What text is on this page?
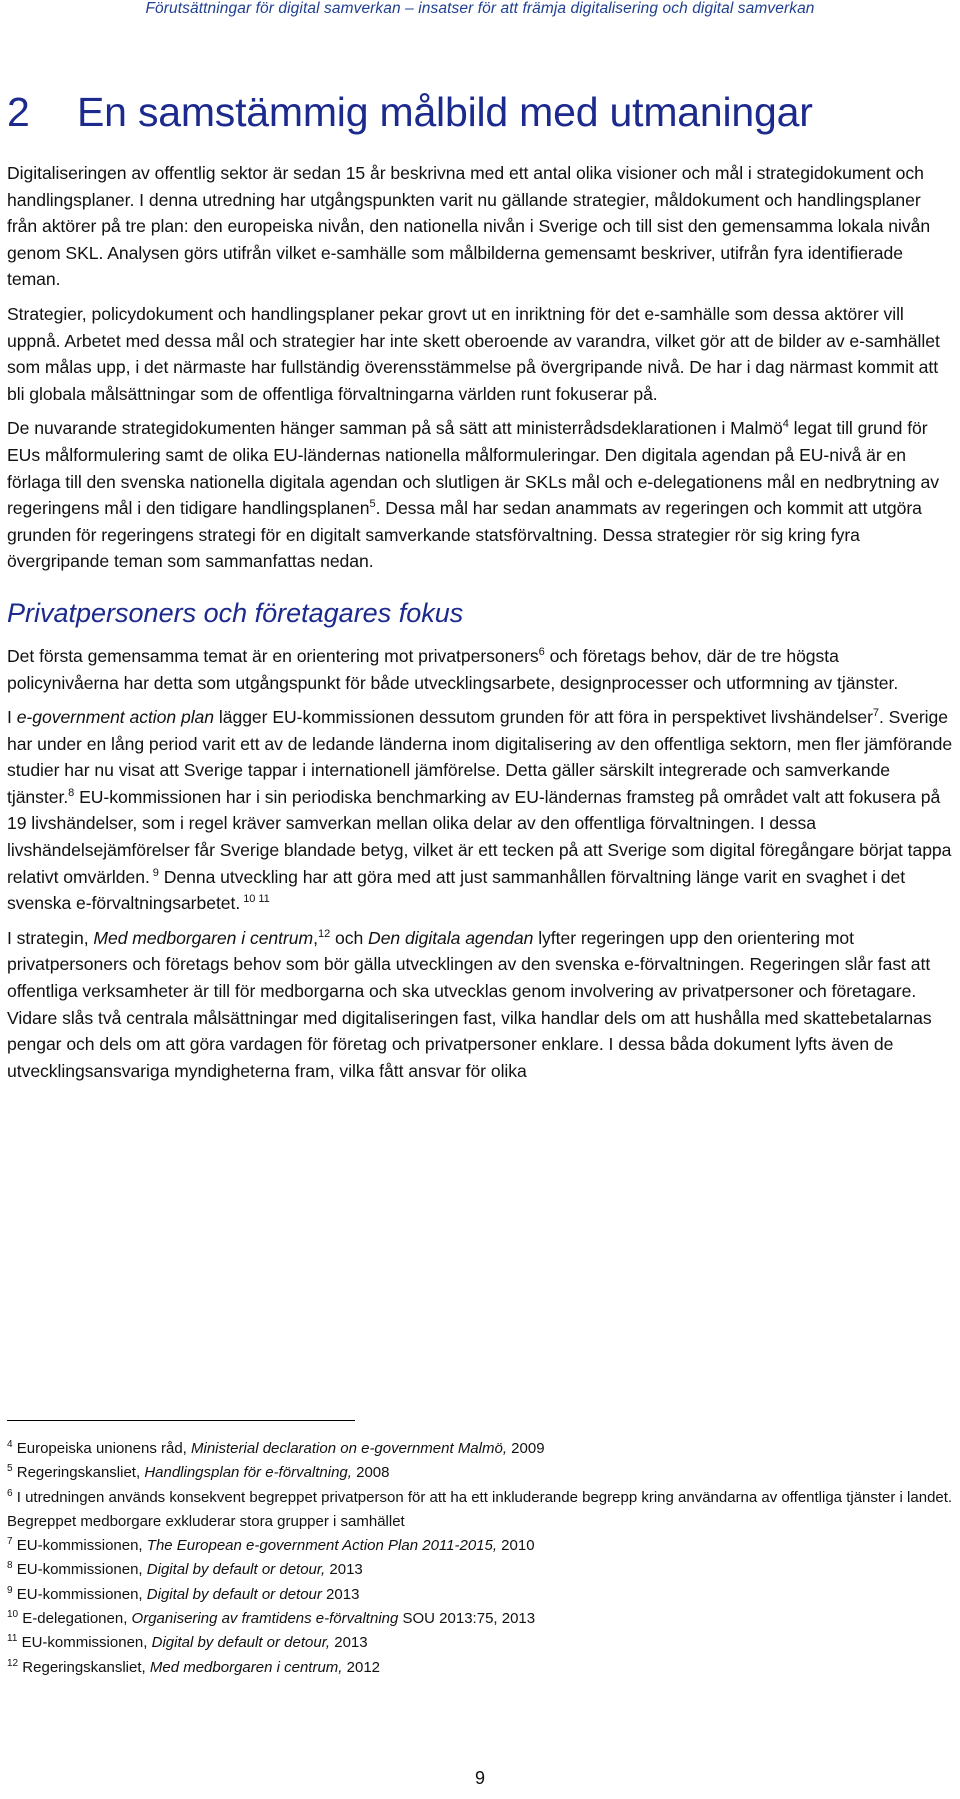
Förutsättningar för digital samverkan – insatser för att främja digitalisering och digital samverkan
2 En samstämmig målbild med utmaningar

Digitaliseringen av offentlig sektor är sedan 15 år beskrivna med ett antal olika visioner och mål i strategidokument och handlingsplaner. I denna utredning har utgångspunkten varit nu gällande strategier, måldokument och handlingsplaner från aktörer på tre plan: den europeiska nivån, den nationella nivån i Sverige och till sist den gemensamma lokala nivån genom SKL. Analysen görs utifrån vilket e-samhälle som målbilderna gemensamt beskriver, utifrån fyra identifierade teman.

Strategier, policydokument och handlingsplaner pekar grovt ut en inriktning för det e-samhälle som dessa aktörer vill uppnå. Arbetet med dessa mål och strategier har inte skett oberoende av varandra, vilket gör att de bilder av e-samhället som målas upp, i det närmaste har fullständig överensstämmelse på övergripande nivå. De har i dag närmast kommit att bli globala målsättningar som de offentliga förvaltningarna världen runt fokuserar på.

De nuvarande strategidokumenten hänger samman på så sätt att ministerrådsdeklarationen i Malmö$^4$ legat till grund för EUs målformulering samt de olika EU-ländernas nationella målformuleringar. Den digitala agendan på EU-nivå är en förlaga till den svenska nationella digitala agendan och slutligen är SKLs mål och e-delegationens mål en nedbrytning av regeringens mål i den tidigare handlingsplanen$^5$. Dessa mål har sedan anammats av regeringen och kommit att utgöra grunden för regeringens strategi för en digitalt samverkande statsförvaltning. Dessa strategier rör sig kring fyra övergripande teman som sammanfattas nedan.

Privatpersoners och företagares fokus

Det första gemensamma temat är en orientering mot privatpersoners$^6$ och företags behov, där de tre högsta policynivåerna har detta som utgångspunkt för både utvecklingsarbete, designprocesser och utformning av tjänster.

I e-government action plan lägger EU-kommissionen dessutom grunden för att föra in perspektivet livshändelser$^7$. Sverige har under en lång period varit ett av de ledande länderna inom digitalisering av den offentliga sektorn, men fler jämförande studier har nu visat att Sverige tappar i internationell jämförelse. Detta gäller särskilt integrerade och samverkande tjänster.$^8$ EU-kommissionen har i sin periodiska benchmarking av EU-ländernas framsteg på området valt att fokusera på 19 livshändelser, som i regel kräver samverkan mellan olika delar av den offentliga förvaltningen. I dessa livshändelsejämförelser får Sverige blandade betyg, vilket är ett tecken på att Sverige som digital föregångare börjat tappa relativt omvärlden. $^9$ Denna utveckling har att göra med att just sammanhållen förvaltning länge varit en svaghet i det svenska e-förvaltningsarbetet. $^{10 11}$

I strategin, Med medborgaren i centrum,$^{12}$ och Den digitala agendan lyfter regeringen upp den orientering mot privatpersoners och företags behov som bör gälla utvecklingen av den svenska e-förvaltningen. Regeringen slår fast att offentliga verksamheter är till för medborgarna och ska utvecklas genom involvering av privatpersoner och företagare. Vidare slås två centrala målsättningar med digitaliseringen fast, vilka handlar dels om att hushålla med skattebetalarnas pengar och dels om att göra vardagen för företag och privatpersoner enklare. I dessa båda dokument lyfts även de utvecklingsansvariga myndigheterna fram, vilka fått ansvar för olika

$^4$ Europeiska unionens råd, Ministerial declaration on e-government Malmö, 2009

$^5$ Regeringskansliet, Handlingsplan för e-förvaltning, 2008

$^6$ I utredningen används konsekvent begreppet privatperson för att ha ett inkluderande begrepp kring användarna av offentliga tjänster i landet. Begreppet medborgare exkluderar stora grupper i samhället

$^7$ EU-kommissionen, The European e-government Action Plan 2011-2015, 2010

$^8$ EU-kommissionen, Digital by default or detour, 2013

$^9$ EU-kommissionen, Digital by default or detour 2013

$^{10}$ E-delegationen, Organisering av framtidens e-förvaltning SOU 2013:75, 2013

$^{11}$ EU-kommissionen, Digital by default or detour, 2013

$^{12}$ Regeringskansliet, Med medborgaren i centrum, 2012

9
